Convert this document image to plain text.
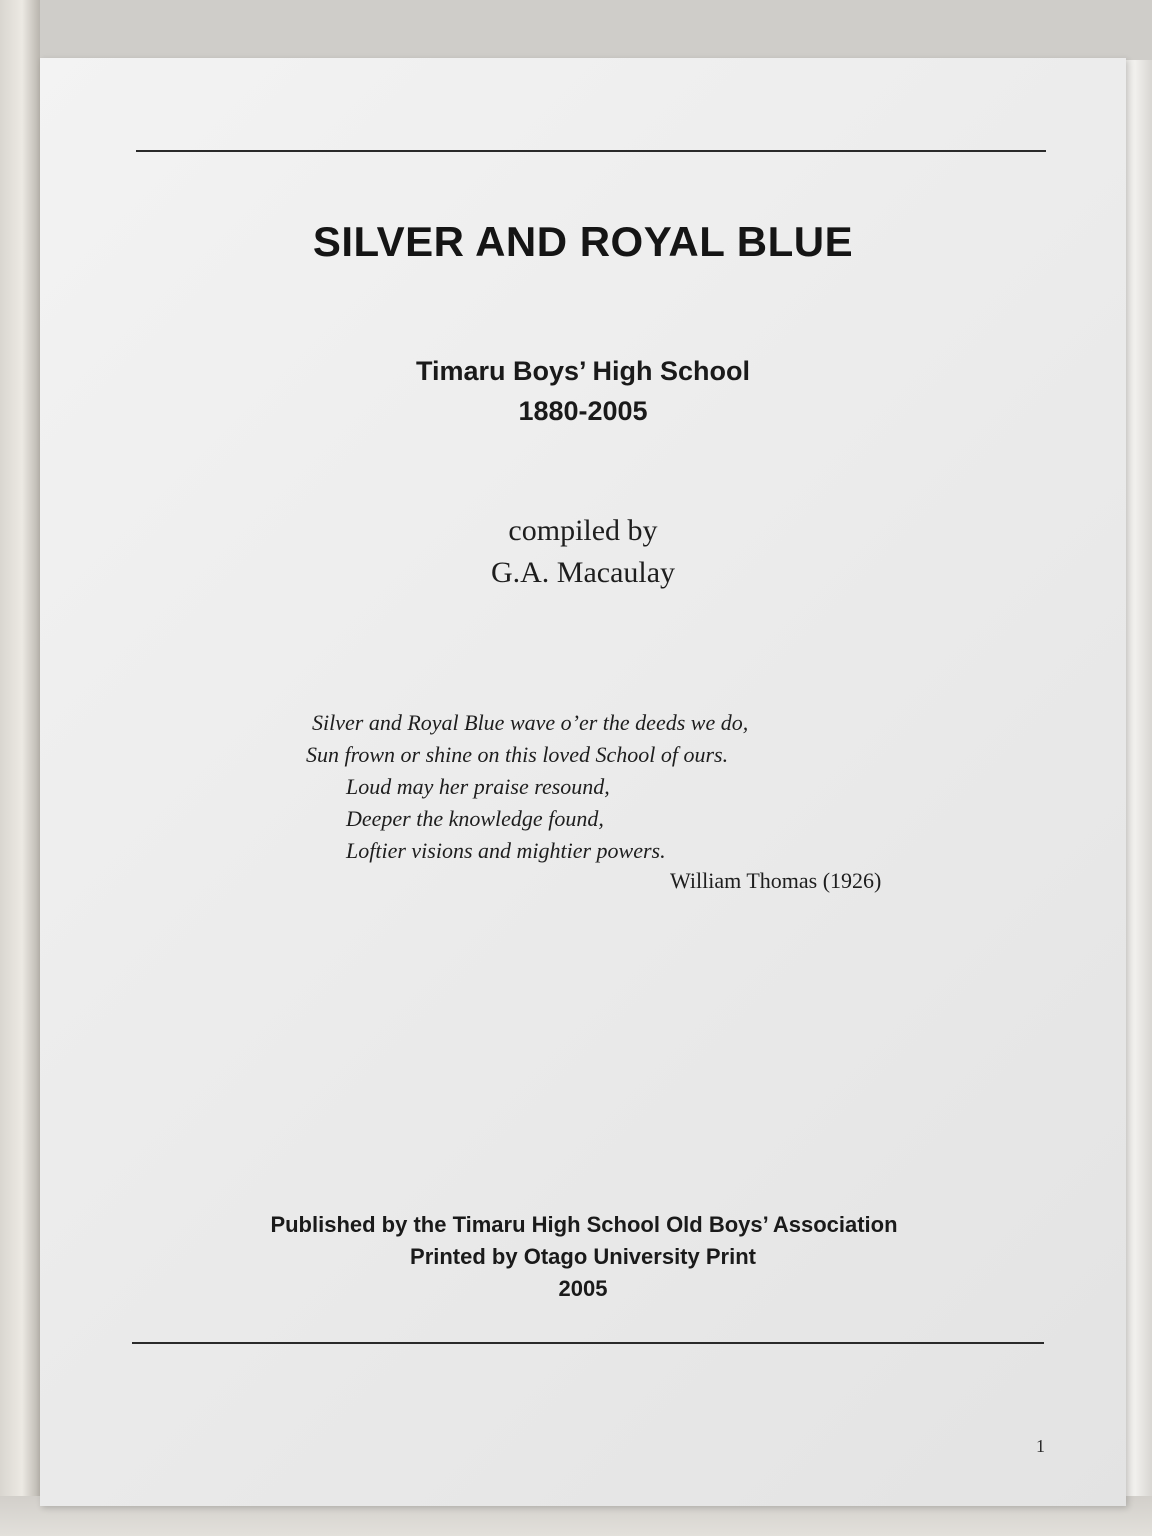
SILVER AND ROYAL BLUE
Timaru Boys’ High School
1880-2005
compiled by
G.A. Macaulay
Silver and Royal Blue wave o’er the deeds we do,
Sun frown or shine on this loved School of ours.
Loud may her praise resound,
Deeper the knowledge found,
Loftier visions and mightier powers.
William Thomas (1926)
Published by the Timaru High School Old Boys’ Association
Printed by Otago University Print
2005
1
